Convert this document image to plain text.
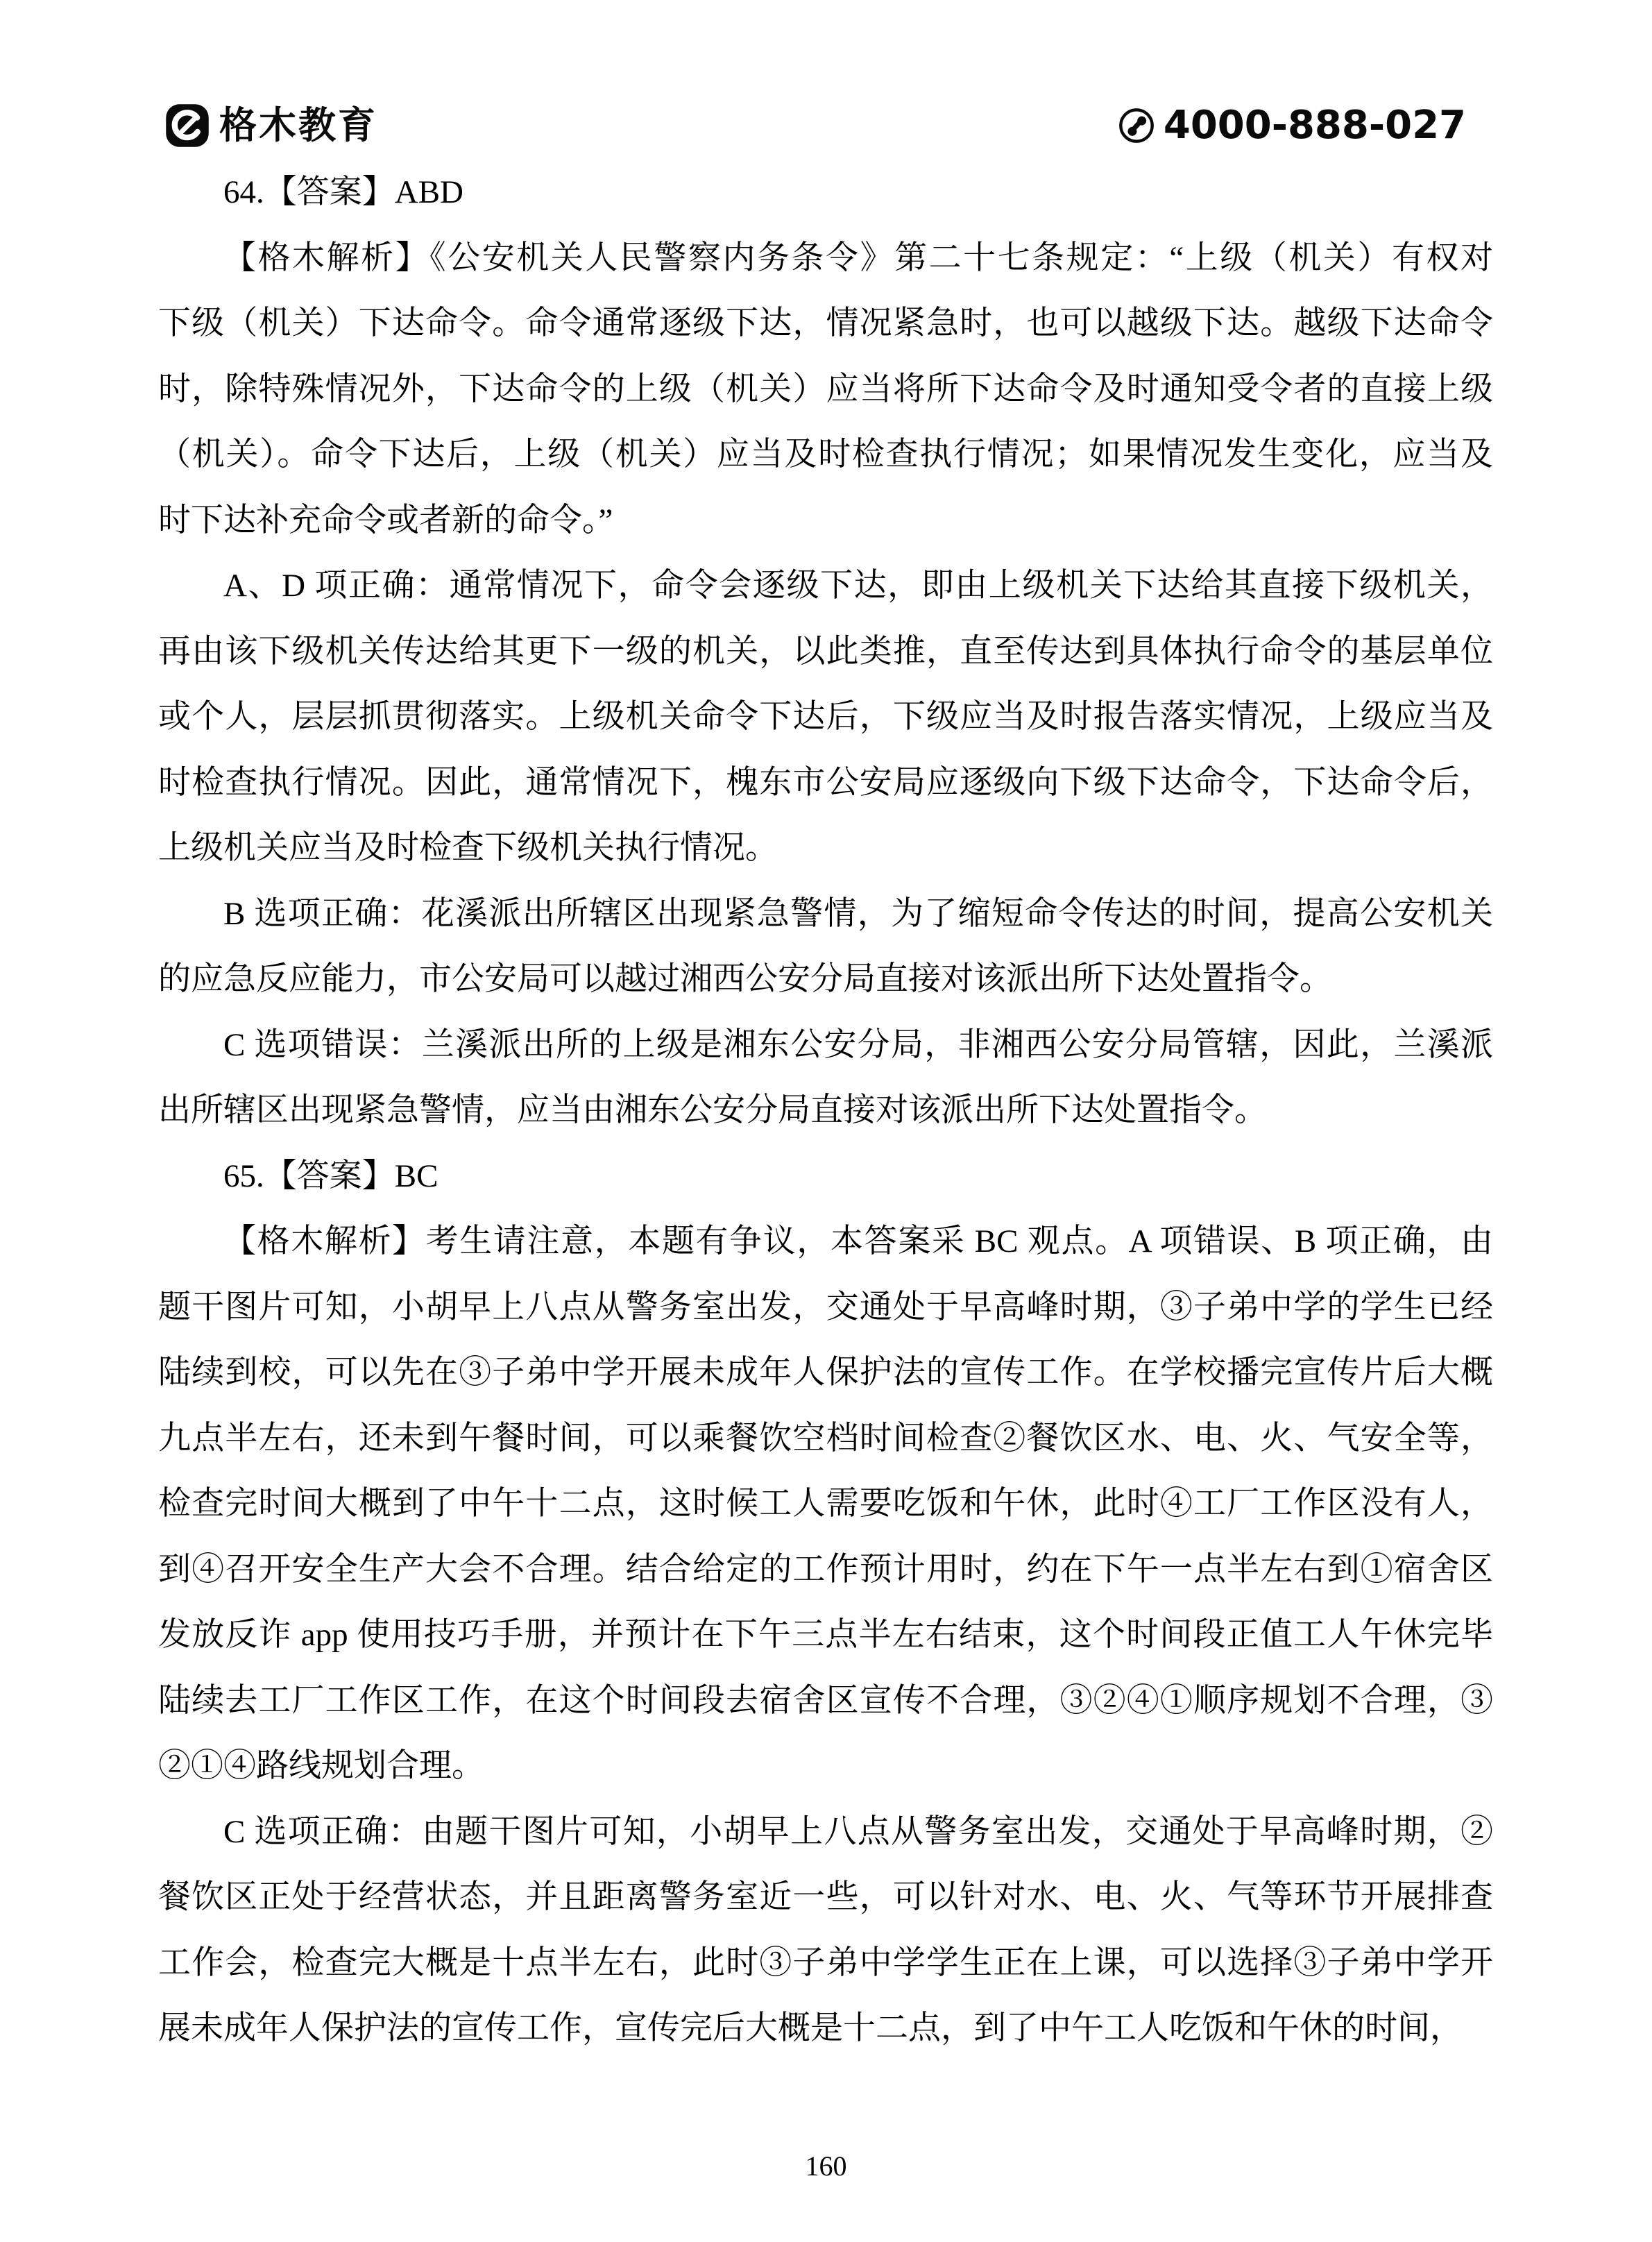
格木教育	4000-888-027
64.【答案】ABD
【格木解析】《公安机关人民警察内务条令》第二十七条规定：“上级（机关）有权对
下级（机关）下达命令。命令通常逐级下达，情况紧急时，也可以越级下达。越级下达命令
时，除特殊情况外，下达命令的上级（机关）应当将所下达命令及时通知受令者的直接上级
（机关）。命令下达后，上级（机关）应当及时检查执行情况；如果情况发生变化，应当及
时下达补充命令或者新的命令。”
A、D 项正确：通常情况下，命令会逐级下达，即由上级机关下达给其直接下级机关，
再由该下级机关传达给其更下一级的机关，以此类推，直至传达到具体执行命令的基层单位
或个人，层层抓贯彻落实。上级机关命令下达后，下级应当及时报告落实情况，上级应当及
时检查执行情况。因此，通常情况下，槐东市公安局应逐级向下级下达命令，下达命令后，
上级机关应当及时检查下级机关执行情况。
B 选项正确：花溪派出所辖区出现紧急警情，为了缩短命令传达的时间，提高公安机关
的应急反应能力，市公安局可以越过湘西公安分局直接对该派出所下达处置指令。
C 选项错误：兰溪派出所的上级是湘东公安分局，非湘西公安分局管辖，因此，兰溪派
出所辖区出现紧急警情，应当由湘东公安分局直接对该派出所下达处置指令。
65.【答案】BC
【格木解析】考生请注意，本题有争议，本答案采 BC 观点。A 项错误、B 项正确，由
题干图片可知，小胡早上八点从警务室出发，交通处于早高峰时期，③子弟中学的学生已经
陆续到校，可以先在③子弟中学开展未成年人保护法的宣传工作。在学校播完宣传片后大概
九点半左右，还未到午餐时间，可以乘餐饮空档时间检查②餐饮区水、电、火、气安全等，
检查完时间大概到了中午十二点，这时候工人需要吃饭和午休，此时④工厂工作区没有人，
到④召开安全生产大会不合理。结合给定的工作预计用时，约在下午一点半左右到①宿舍区
发放反诈 app 使用技巧手册，并预计在下午三点半左右结束，这个时间段正值工人午休完毕
陆续去工厂工作区工作，在这个时间段去宿舍区宣传不合理，③②④①顺序规划不合理，③
②①④路线规划合理。
C 选项正确：由题干图片可知，小胡早上八点从警务室出发，交通处于早高峰时期，②
餐饮区正处于经营状态，并且距离警务室近一些，可以针对水、电、火、气等环节开展排查
工作会，检查完大概是十点半左右，此时③子弟中学学生正在上课，可以选择③子弟中学开
展未成年人保护法的宣传工作，宣传完后大概是十二点，到了中午工人吃饭和午休的时间，
160
